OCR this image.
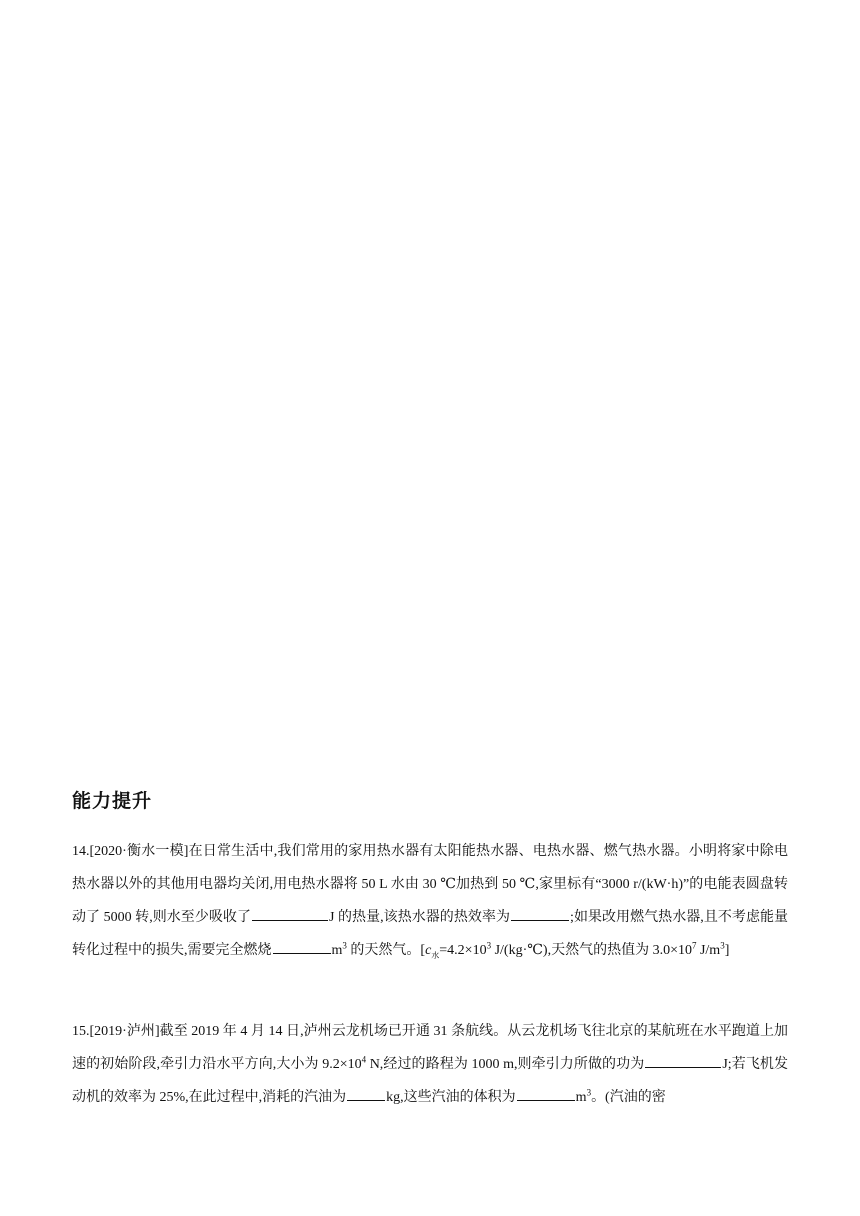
能力提升

14.[2020·衡水一模]在日常生活中,我们常用的家用热水器有太阳能热水器、电热水器、燃气热水器。小明将家中除电热水器以外的其他用电器均关闭,用电热水器将 50 L 水由 30 ℃加热到 50 ℃,家里标有“3000 r/(kW·h)”的电能表圆盘转动了 5000 转,则水至少吸收了	J 的热量,该热水器的热效率为	;如果改用燃气热水器,且不考虑能量转化过程中的损失,需要完全燃烧	$m^3$ 的天然气。[$c_水=4.2\times 10^3$ J/(kg·℃),天然气的热值为 $3.0\times 10^7$ $J/m^3$]

15.[2019·泸州]截至 2019 年 4 月 14 日,泸州云龙机场已开通 31 条航线。从云龙机场飞往北京的某航班在水平跑道上加速的初始阶段,牵引力沿水平方向,大小为 $9.2\times 10^4$ N,经过的路程为 1000 m,则牵引力所做的功为	J;若飞机发动机的效率为 25%,在此过程中,消耗的汽油为	kg,这些汽油的体积为	$m^3$。(汽油的密
